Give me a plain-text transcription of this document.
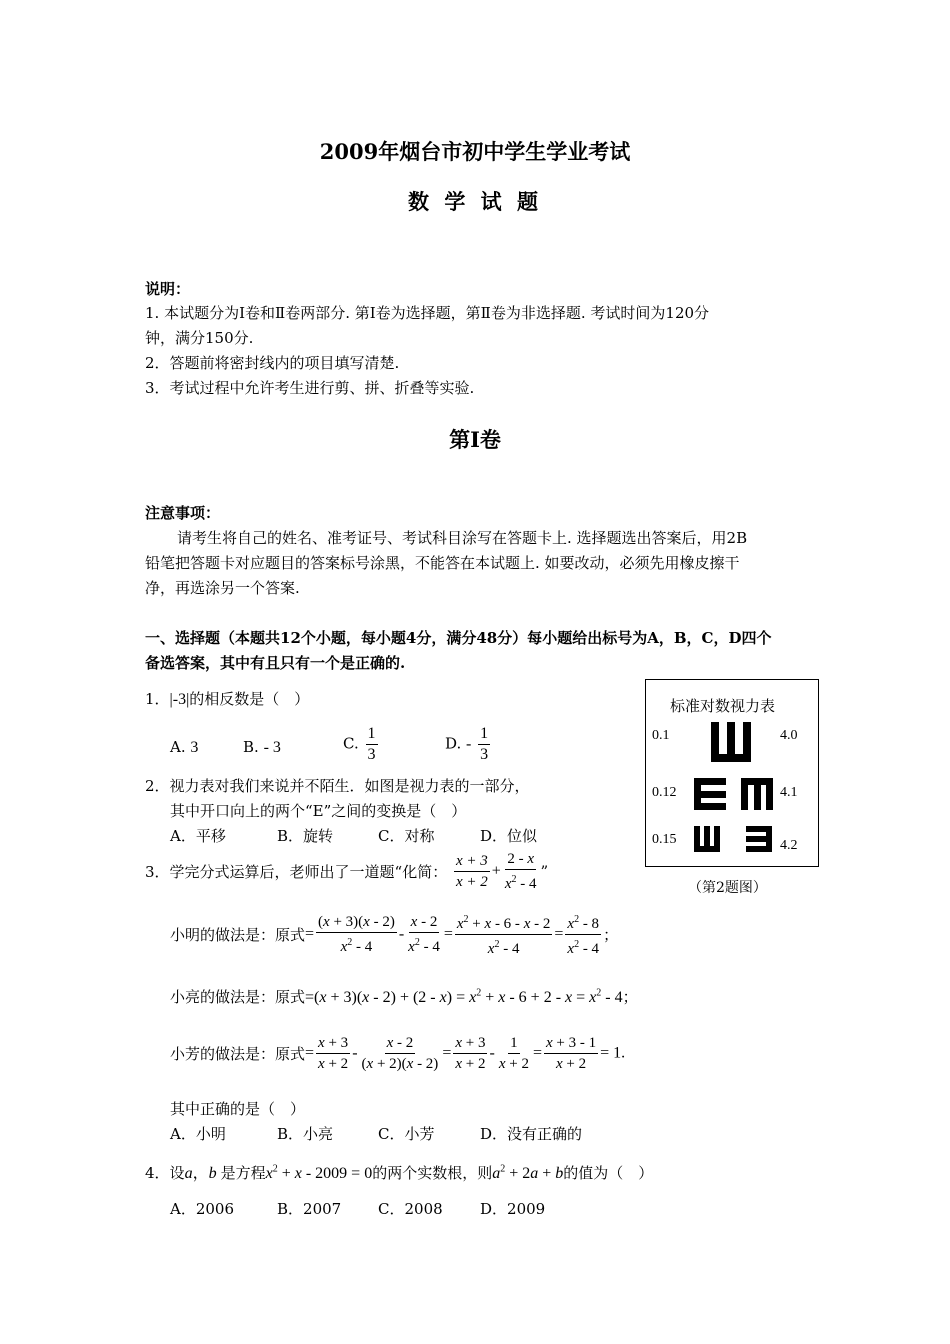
2009年烟台市初中学生学业考试
数 学 试 题
说明：
1. 本试题分为Ⅰ卷和Ⅱ卷两部分. 第Ⅰ卷为选择题，第Ⅱ卷为非选择题. 考试时间为120分
钟，满分150分.
2．答题前将密封线内的项目填写清楚.
3．考试过程中允许考生进行剪、拼、折叠等实验.
第Ⅰ卷
注意事项：
请考生将自己的姓名、准考证号、考试科目涂写在答题卡上. 选择题选出答案后，用2B
铅笔把答题卡对应题目的答案标号涂黑，不能答在本试题上. 如要改动，必须先用橡皮擦干
净，再选涂另一个答案.
一、选择题（本题共12个小题，每小题4分，满分48分）每小题给出标号为A，B，C，D四个
备选答案，其中有且只有一个是正确的.
1．|-3|的相反数是（　）
A. 3	B. - 3	C. $\frac{1}{3}$	D. - $\frac{1}{3}$
2．视力表对我们来说并不陌生．如图是视力表的一部分，
其中开口向上的两个“E”之间的变换是（　）
A．平移	B．旋转	C．对称	D．位似
标准对数视力表
0.1	4.0
0.12	4.1
0.15	4.2
（第2题图）
3．学完分式运算后，老师出了一道题“化简： $\frac{x + 3}{x + 2} + \frac{2 - x}{x^2 - 4}$ ”
小明的做法是：原式= $\frac{(x + 3)(x - 2)}{x^2 - 4} - \frac{x - 2}{x^2 - 4} = \frac{x^2 + x - 6 - x - 2}{x^2 - 4} = \frac{x^2 - 8}{x^2 - 4}$ ；
小亮的做法是：原式$=(x + 3)(x - 2) + (2 - x) = x^2 + x - 6 + 2 - x = x^2 - 4$；
小芳的做法是：原式= $\frac{x + 3}{x + 2} - \frac{x - 2}{(x + 2)(x - 2)} = \frac{x + 3}{x + 2} - \frac{1}{x + 2} = \frac{x + 3 - 1}{x + 2} = 1$.
其中正确的是（　）
A．小明	B．小亮	C．小芳	D．没有正确的
4．设a，b 是方程$x^2 + x - 2009 = 0$的两个实数根，则$a^2 + 2a + b$的值为（　）
A．2006	B．2007 C．2008 D．2009
